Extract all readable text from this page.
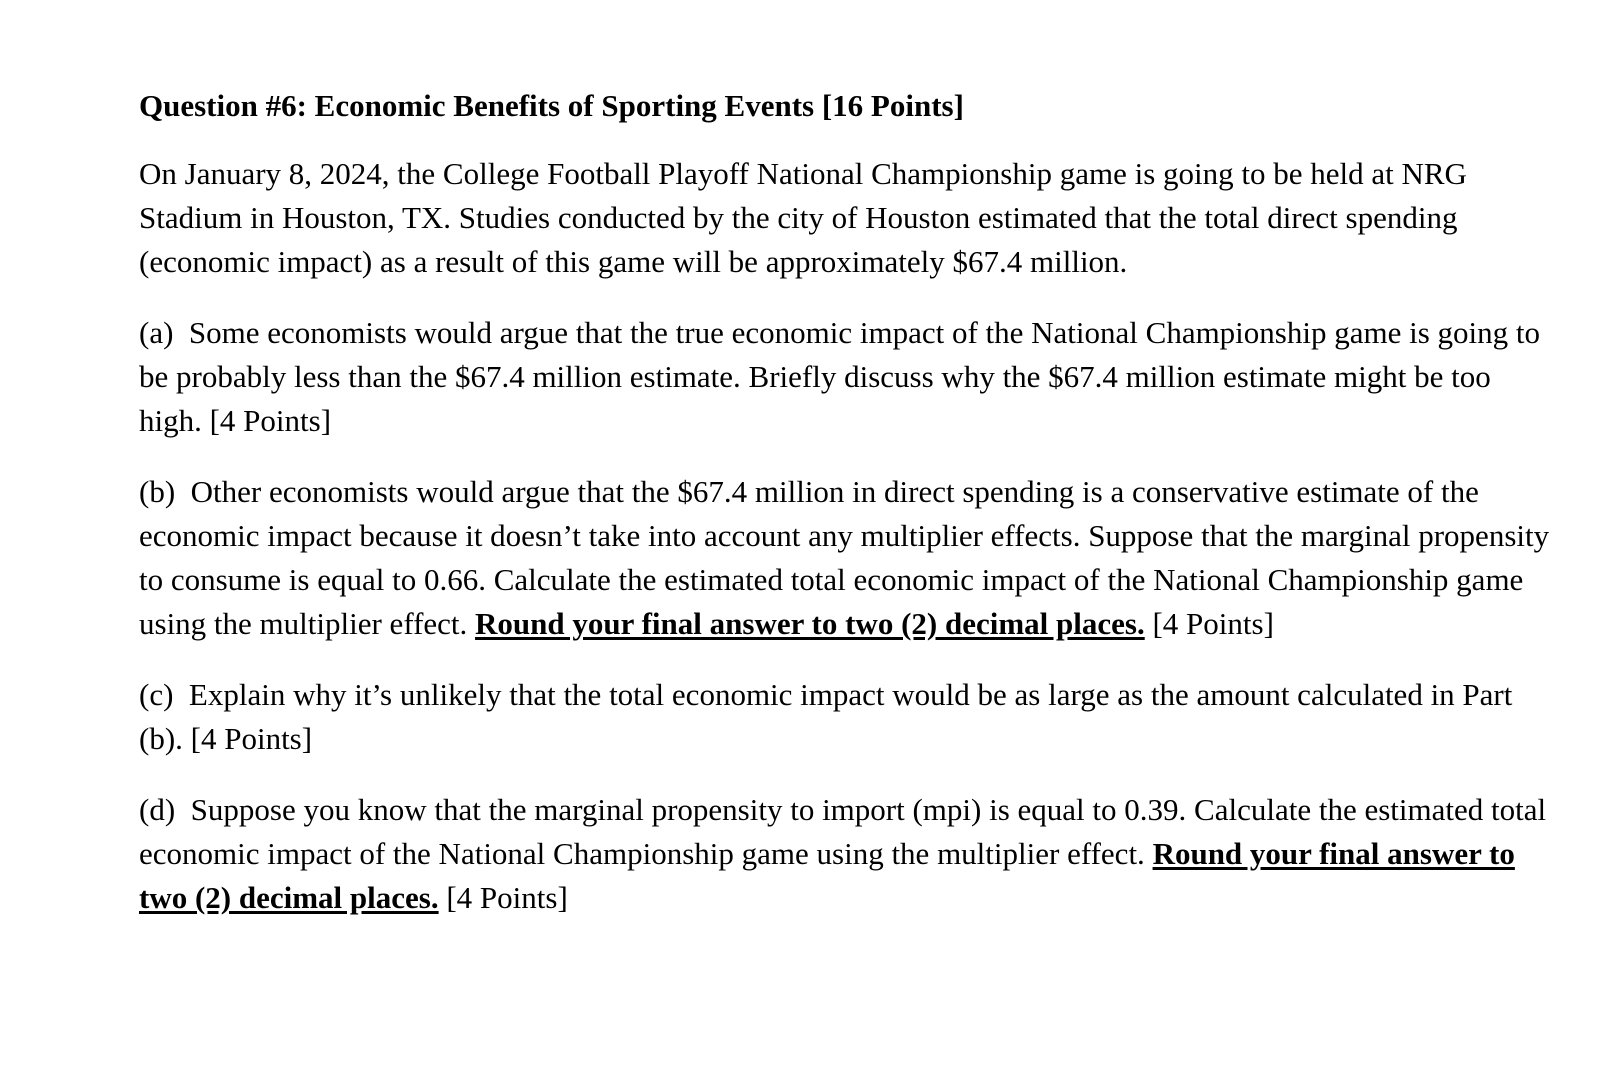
Question #6: Economic Benefits of Sporting Events [16 Points]
On January 8, 2024, the College Football Playoff National Championship game is going to be held at NRG Stadium in Houston, TX. Studies conducted by the city of Houston estimated that the total direct spending (economic impact) as a result of this game will be approximately $67.4 million.
(a) Some economists would argue that the true economic impact of the National Championship game is going to be probably less than the $67.4 million estimate. Briefly discuss why the $67.4 million estimate might be too high. [4 Points]
(b) Other economists would argue that the $67.4 million in direct spending is a conservative estimate of the economic impact because it doesn’t take into account any multiplier effects. Suppose that the marginal propensity to consume is equal to 0.66. Calculate the estimated total economic impact of the National Championship game using the multiplier effect. Round your final answer to two (2) decimal places. [4 Points]
(c) Explain why it’s unlikely that the total economic impact would be as large as the amount calculated in Part (b). [4 Points]
(d) Suppose you know that the marginal propensity to import (mpi) is equal to 0.39. Calculate the estimated total economic impact of the National Championship game using the multiplier effect. Round your final answer to two (2) decimal places. [4 Points]
